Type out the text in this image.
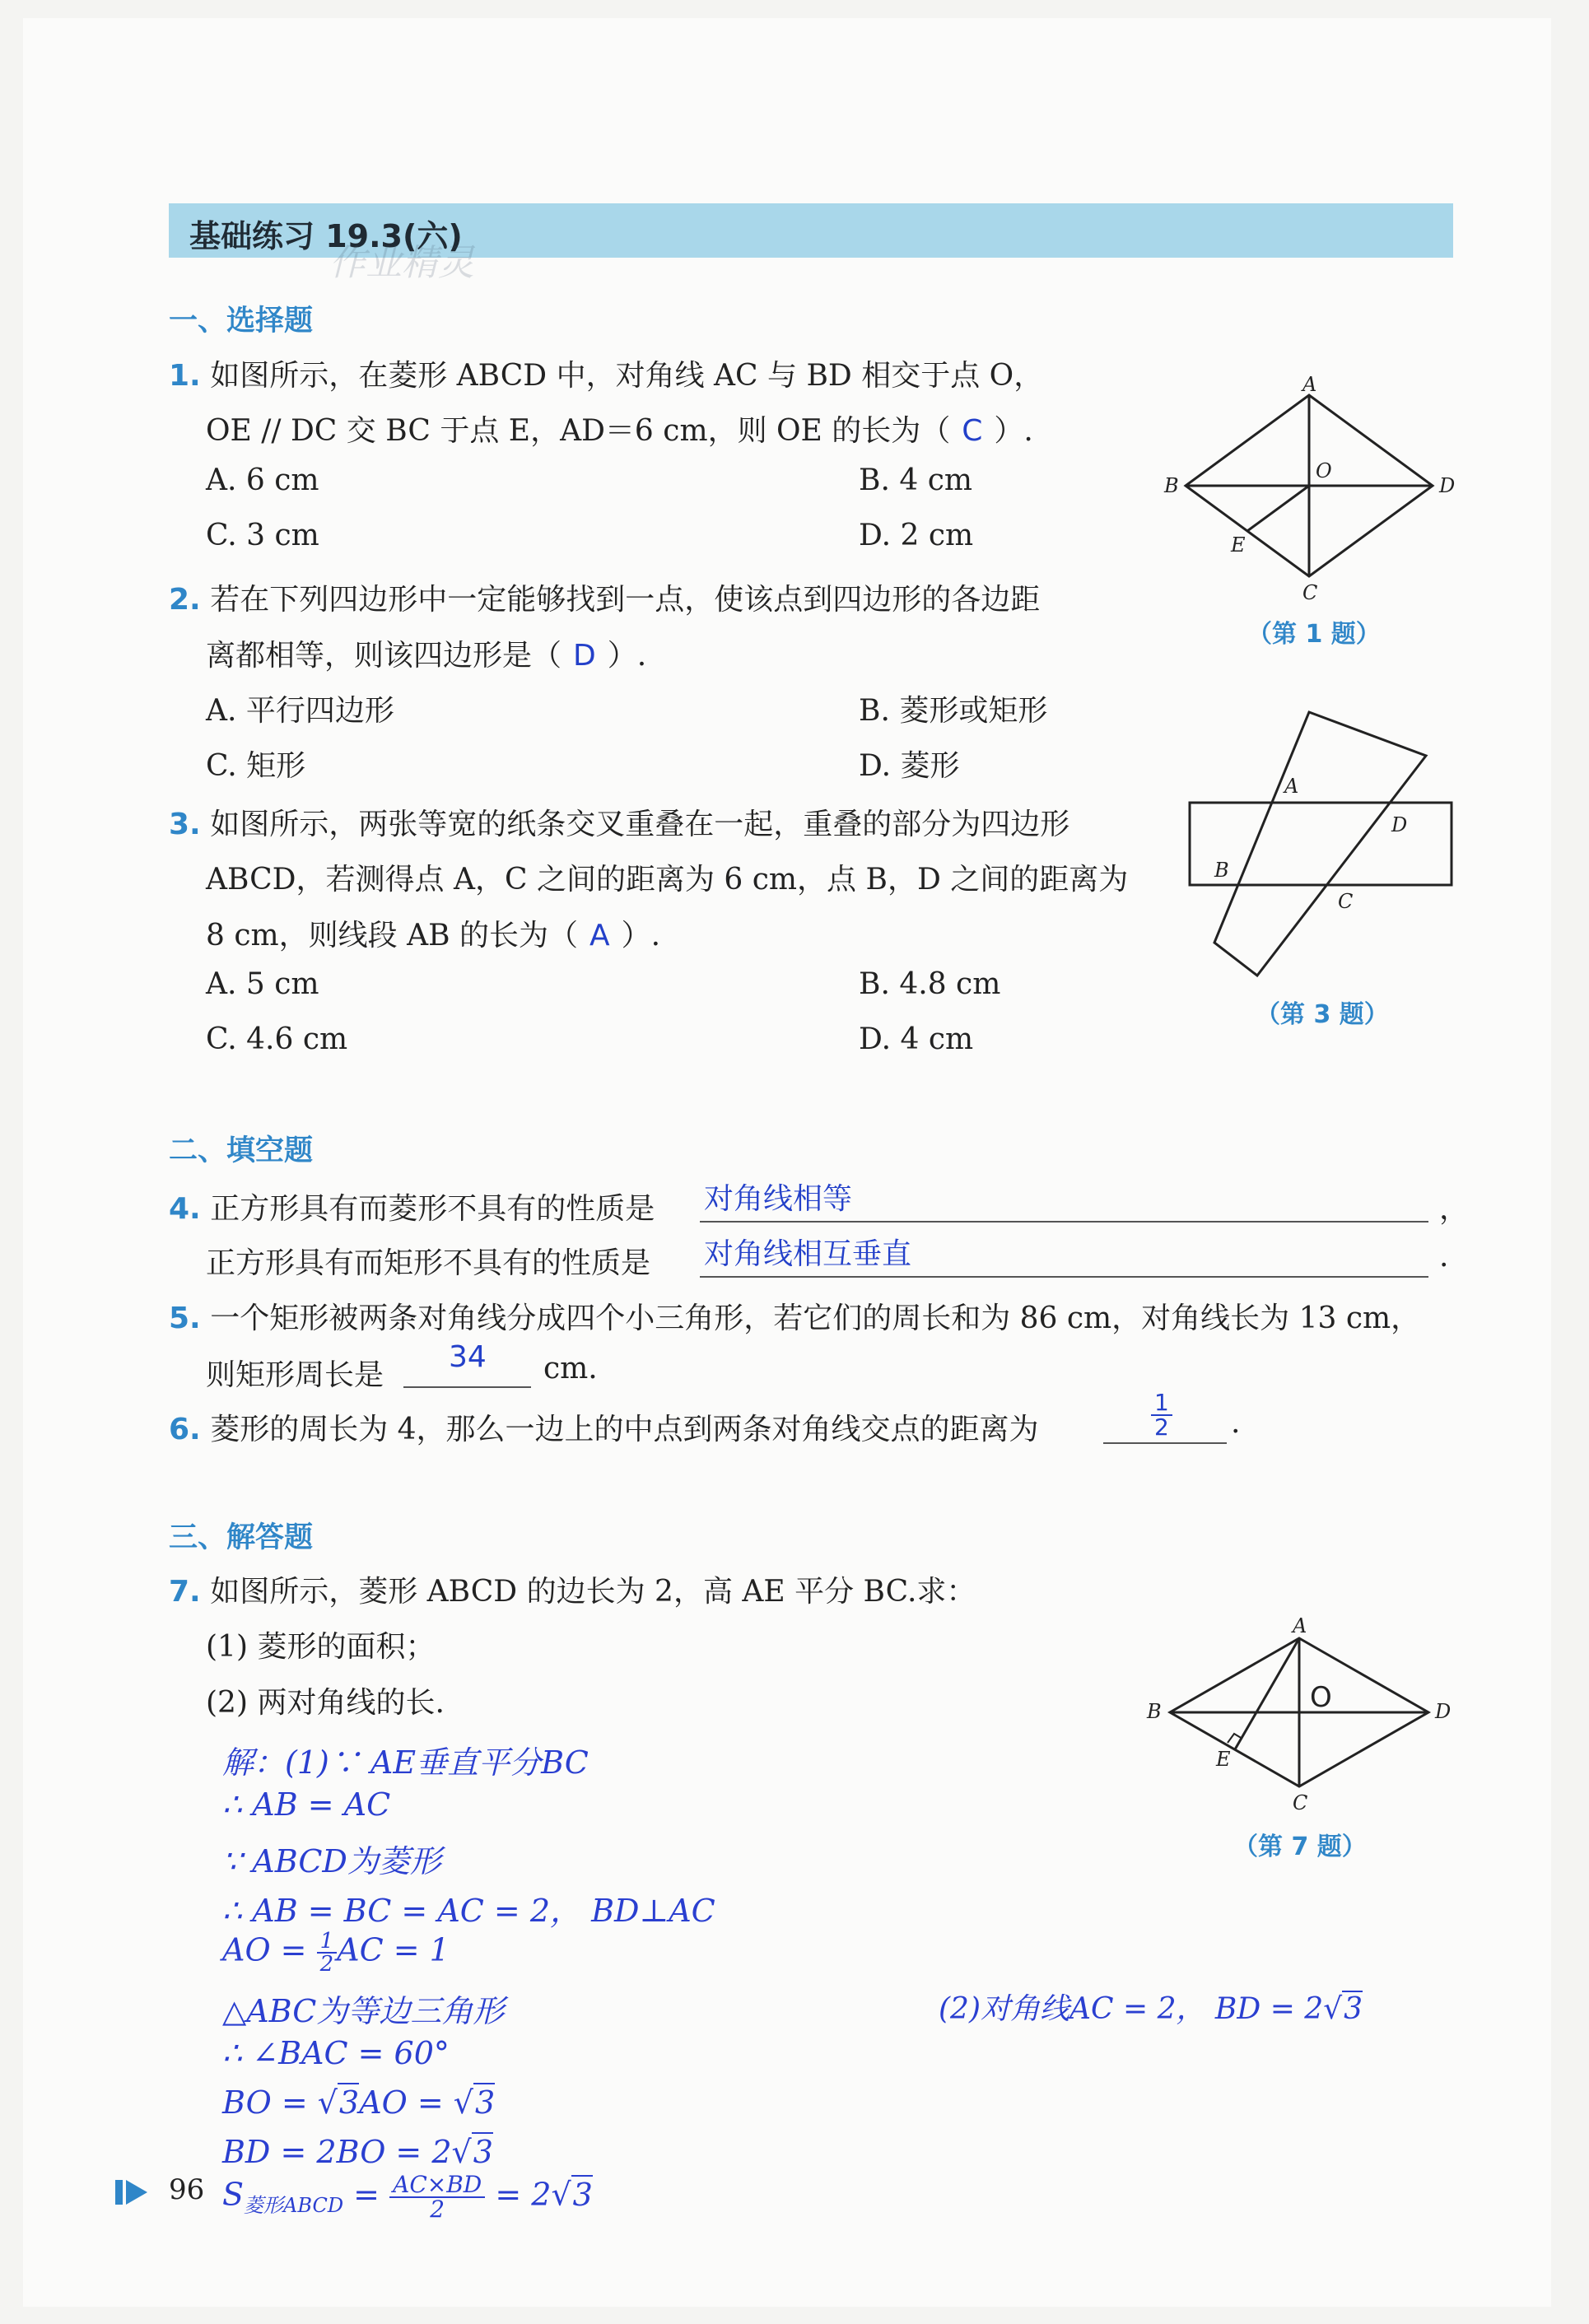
基础练习 19.3(六)
作业精灵
一、选择题
1. 如图所示，在菱形 ABCD 中，对角线 AC 与 BD 相交于点 O，
OE // DC 交 BC 于点 E，AD＝6 cm，则 OE 的长为（ C ）.
A. 6 cm	B. 4 cm
C. 3 cm	D. 2 cm
A
B
C
D
O
E
（第 1 题）
2. 若在下列四边形中一定能够找到一点，使该点到四边形的各边距
离都相等，则该四边形是（ D ）.
A. 平行四边形	B. 菱形或矩形
C. 矩形	D. 菱形
3. 如图所示，两张等宽的纸条交叉重叠在一起，重叠的部分为四边形
ABCD，若测得点 A，C 之间的距离为 6 cm，点 B，D 之间的距离为
8 cm，则线段 AB 的长为（ A ）.
A. 5 cm	B. 4.8 cm
C. 4.6 cm	D. 4 cm
A
D
B
C
（第 3 题）
二、填空题
4. 正方形具有而菱形不具有的性质是 对角线相等	，
正方形具有而矩形不具有的性质是 对角线相互垂直	.
5. 一个矩形被两条对角线分成四个小三角形，若它们的周长和为 86 cm，对角线长为 13 cm，
则矩形周长是
34 cm.
6. 菱形的周长为 4，那么一边上的中点到两条对角线交点的距离为	$\frac{1}{2}$ .
三、解答题
7. 如图所示，菱形 ABCD 的边长为 2，高 AE 平分 BC.求：
(1) 菱形的面积；
(2) 两对角线的长.
A
B
C
D
O
E
（第 7 题）
解：(1)∵ AE垂直平分BC
∴ AB = AC
∵ ABCD为菱形
∴ AB = BC = AC = 2， BD⊥AC
AO = $\frac{1}{2}$ AC = 1
△ABC为等边三角形
∴ ∠BAC = 60°
BO = √3AO = √3
BD = 2BO = 2√3
$S_{菱形ABCD} = \frac{AC\times BD}{2} = 2√3$
(2)对角线AC = 2， BD = 2√3
96
